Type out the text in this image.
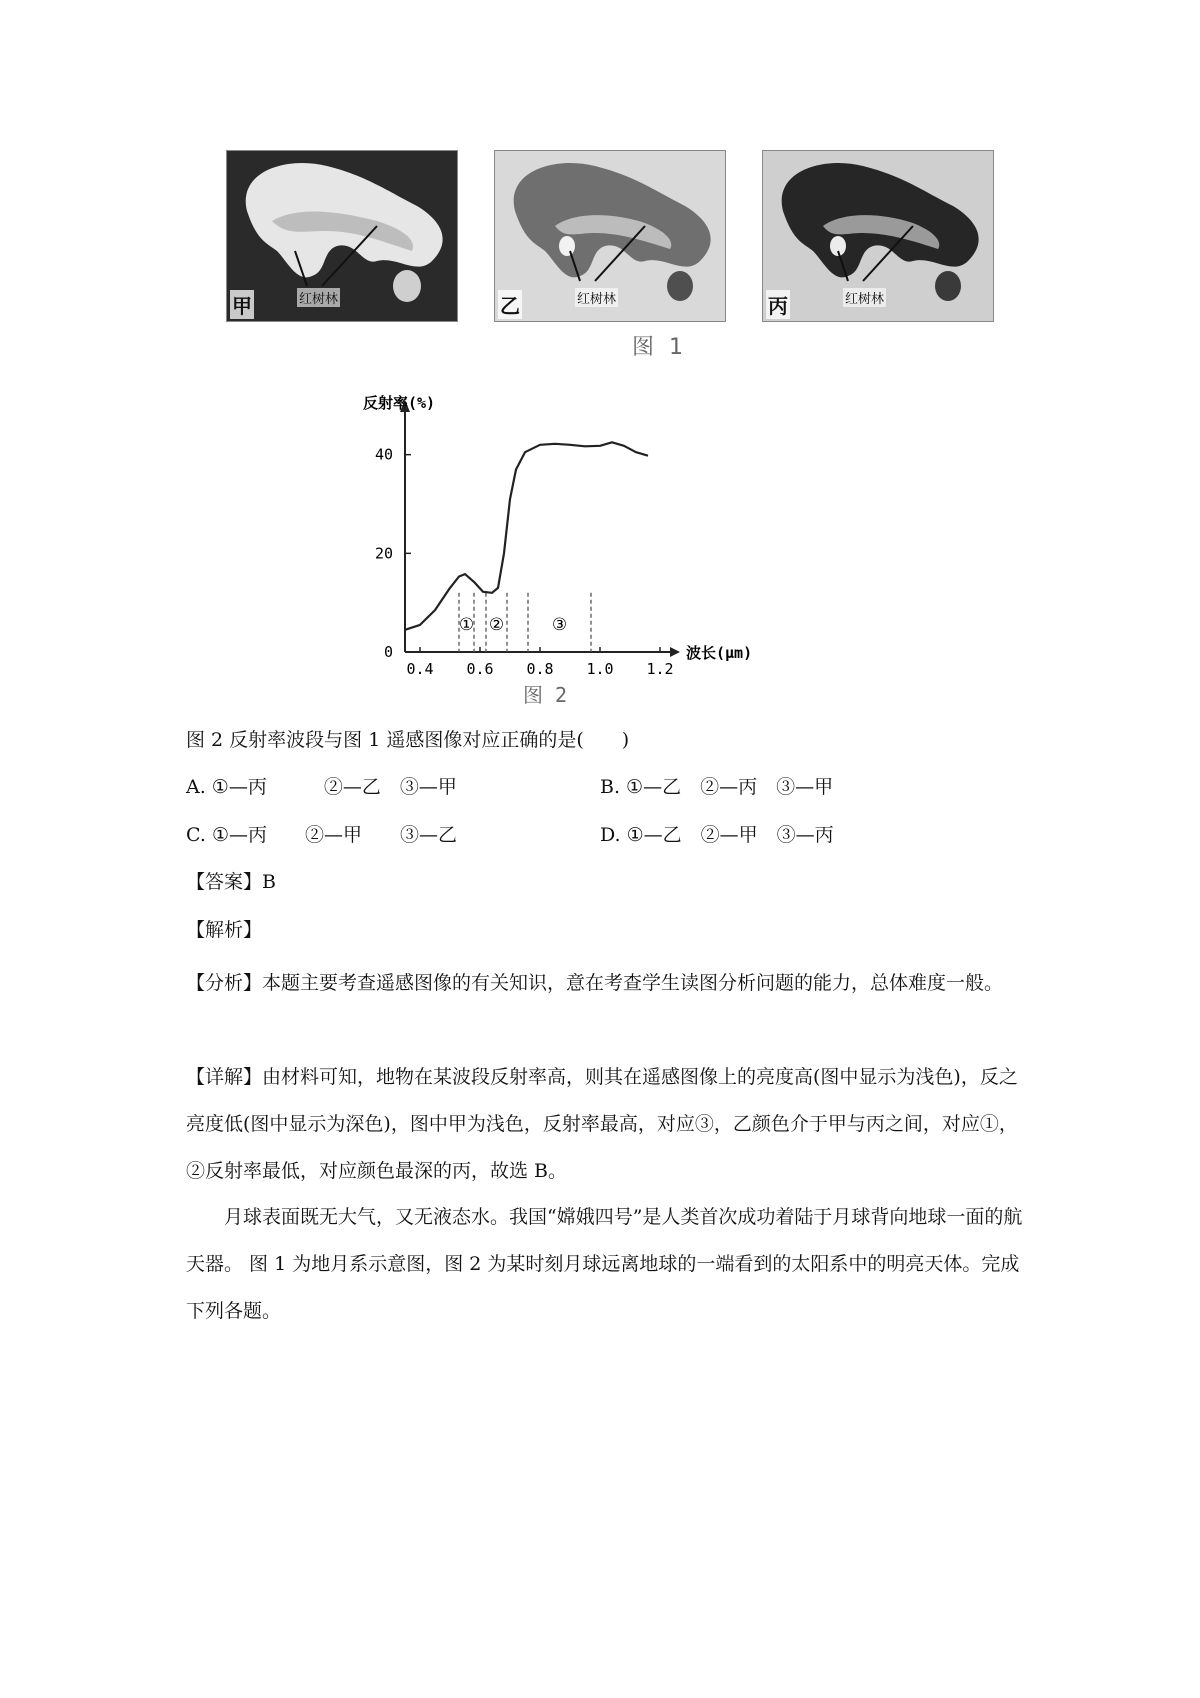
红树林
甲	红树林
乙	红树林
丙
图 1
反射率(%)
波长(μm)
0
20
40
0.4 0.6 0.8 1.0 1.2
① ②	③
图 2
图 2 反射率波段与图 1 遥感图像对应正确的是(　　)
A. ①—丙　　　②—乙　③—甲	B. ①—乙　②—丙　③—甲
C. ①—丙　　②—甲　　③—乙	D. ①—乙　②—甲　③—丙
【答案】B
【解析】
【分析】本题主要考查遥感图像的有关知识，意在考查学生读图分析问题的能力，总体难度一般。
【详解】由材料可知，地物在某波段反射率高，则其在遥感图像上的亮度高(图中显示为浅色)，反之亮度低(图中显示为深色)，图中甲为浅色，反射率最高，对应③，乙颜色介于甲与丙之间，对应①，②反射率最低，对应颜色最深的丙，故选 B。
月球表面既无大气，又无液态水。我国“嫦娥四号”是人类首次成功着陆于月球背向地球一面的航天器。 图 1 为地月系示意图，图 2 为某时刻月球远离地球的一端看到的太阳系中的明亮天体。完成下列各题。
